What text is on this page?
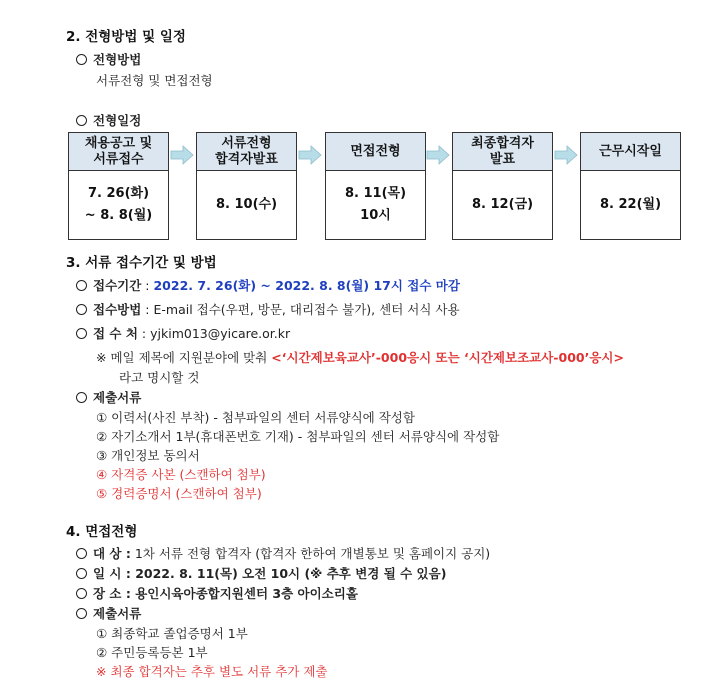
2. 전형방법 및 일정
전형방법
서류전형 및 면접전형
전형일정
채용공고 및
서류접수
7. 26(화)
~ 8. 8(월)
서류전형
합격자발표
8. 10(수)
면접전형
8. 11(목)
10시
최종합격자
발표
8. 12(금)
근무시작일
8. 22(월)
3. 서류 접수기간 및 방법
접수기간 : 2022. 7. 26(화) ~ 2022. 8. 8(월) 17시 접수 마감
접수방법 : E-mail 접수(우편, 방문, 대리접수 불가), 센터 서식 사용
접 수 처 : yjkim013@yicare.or.kr
※ 메일 제목에 지원분야에 맞춰 <‘시간제보육교사’-000응시 또는 ‘시간제보조교사-000’응시>
라고 명시할 것
제출서류
① 이력서(사진 부착) - 첨부파일의 센터 서류양식에 작성함
② 자기소개서 1부(휴대폰번호 기재) - 첨부파일의 센터 서류양식에 작성함
③ 개인정보 동의서
④ 자격증 사본 (스캔하여 첨부)
⑤ 경력증명서 (스캔하여 첨부)
4. 면접전형
대 상 : 1차 서류 전형 합격자 (합격자 한하여 개별통보 및 홈페이지 공지)
일 시 : 2022. 8. 11(목) 오전 10시 (※ 추후 변경 될 수 있음)
장 소 : 용인시육아종합지원센터 3층 아이소리홀
제출서류
① 최종학교 졸업증명서 1부
② 주민등록등본 1부
※ 최종 합격자는 추후 별도 서류 추가 제출
